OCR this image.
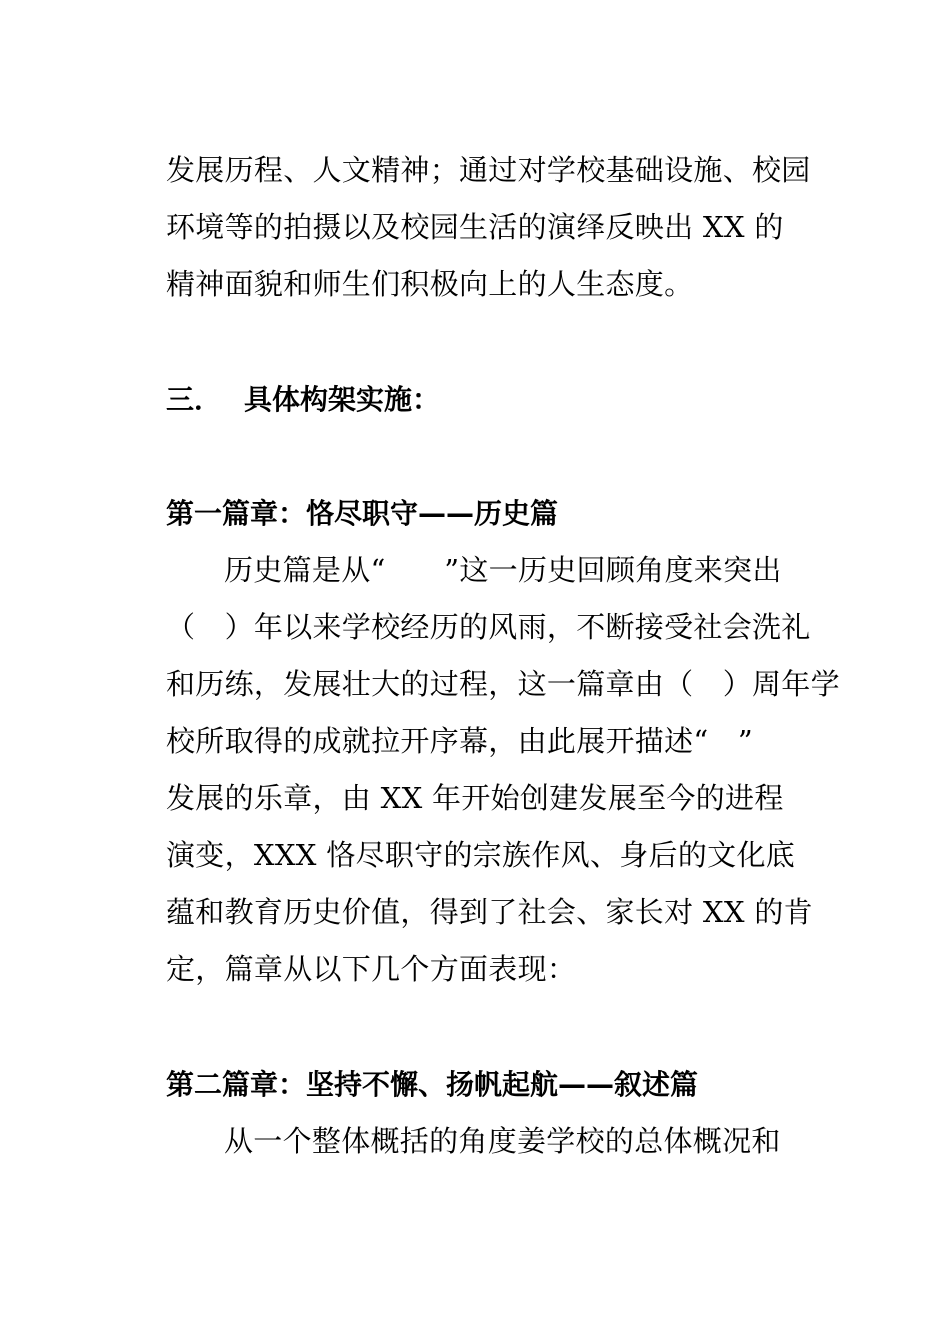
发展历程、人文精神；通过对学校基础设施、校园
环境等的拍摄以及校园生活的演绎反映出 XX 的
精神面貌和师生们积极向上的人生态度。
三． 具体构架实施：
第一篇章：恪尽职守——历史篇
历史篇是从“　　”这一历史回顾角度来突出
（　）年以来学校经历的风雨，不断接受社会洗礼
和历练，发展壮大的过程，这一篇章由（　）周年学
校所取得的成就拉开序幕，由此展开描述“　”
发展的乐章，由 XX 年开始创建发展至今的进程
演变，XXX 恪尽职守的宗族作风、身后的文化底
蕴和教育历史价值，得到了社会、家长对 XX 的肯
定，篇章从以下几个方面表现：
第二篇章：坚持不懈、扬帆起航——叙述篇
从一个整体概括的角度姜学校的总体概况和
